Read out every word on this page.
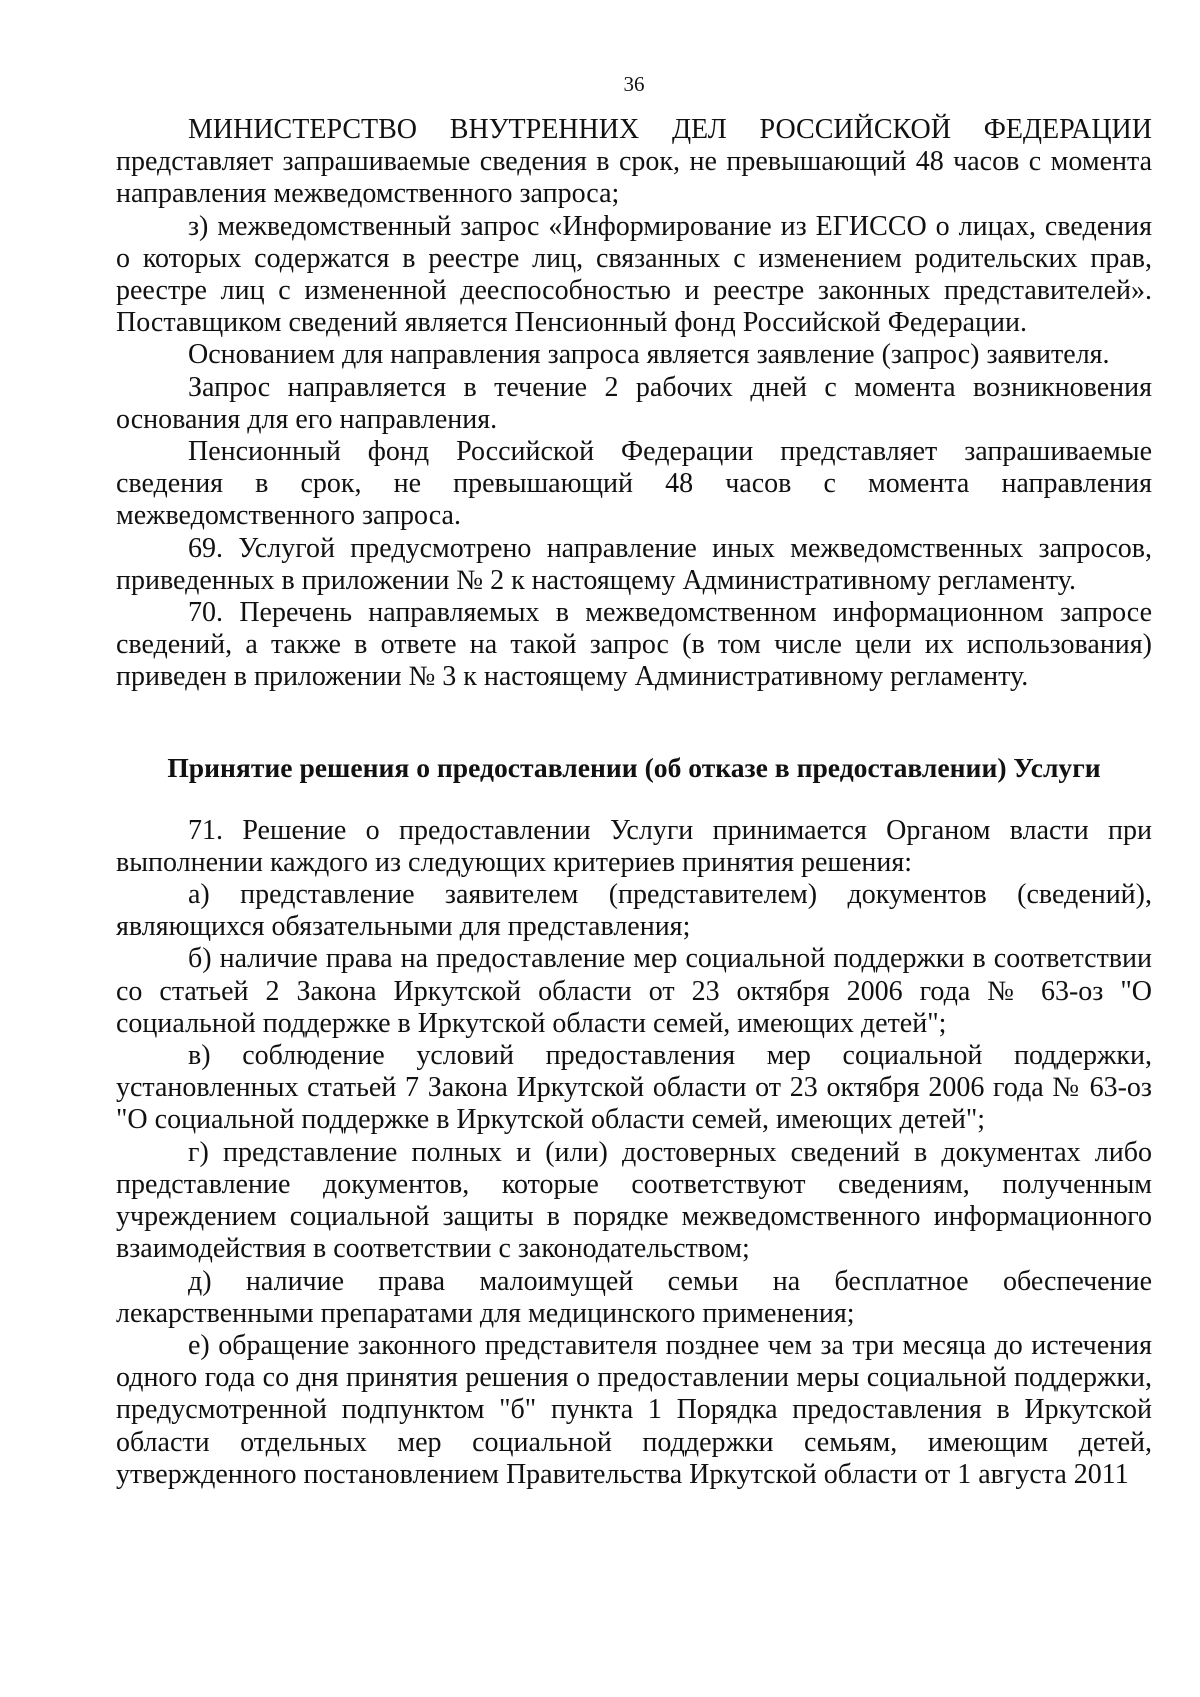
36

МИНИСТЕРСТВО ВНУТРЕННИХ ДЕЛ РОССИЙСКОЙ ФЕДЕРАЦИИ представляет запрашиваемые сведения в срок, не превышающий 48 часов с момента направления межведомственного запроса;

з) межведомственный запрос «Информирование из ЕГИССО о лицах, сведения о которых содержатся в реестре лиц, связанных с изменением родительских прав, реестре лиц с измененной дееспособностью и реестре законных представителей». Поставщиком сведений является Пенсионный фонд Российской Федерации.

Основанием для направления запроса является заявление (запрос) заявителя.

Запрос направляется в течение 2 рабочих дней с момента возникновения основания для его направления.

Пенсионный фонд Российской Федерации представляет запрашиваемые сведения в срок, не превышающий 48 часов с момента направления межведомственного запроса.

69. Услугой предусмотрено направление иных межведомственных запросов, приведенных в приложении № 2 к настоящему Административному регламенту.

70. Перечень направляемых в межведомственном информационном запросе сведений, а также в ответе на такой запрос (в том числе цели их использования) приведен в приложении № 3 к настоящему Административному регламенту.

Принятие решения о предоставлении (об отказе в предоставлении) Услуги

71. Решение о предоставлении Услуги принимается Органом власти при выполнении каждого из следующих критериев принятия решения:

а) представление заявителем (представителем) документов (сведений), являющихся обязательными для представления;

б) наличие права на предоставление мер социальной поддержки в соответствии со статьей 2 Закона Иркутской области от 23 октября 2006 года № 63-оз "О социальной поддержке в Иркутской области семей, имеющих детей";

в) соблюдение условий предоставления мер социальной поддержки, установленных статьей 7 Закона Иркутской области от 23 октября 2006 года № 63-оз "О социальной поддержке в Иркутской области семей, имеющих детей";

г) представление полных и (или) достоверных сведений в документах либо представление документов, которые соответствуют сведениям, полученным учреждением социальной защиты в порядке межведомственного информационного взаимодействия в соответствии с законодательством;

д) наличие права малоимущей семьи на бесплатное обеспечение лекарственными препаратами для медицинского применения;

е) обращение законного представителя позднее чем за три месяца до истечения одного года со дня принятия решения о предоставлении меры социальной поддержки, предусмотренной подпунктом "б" пункта 1 Порядка предоставления в Иркутской области отдельных мер социальной поддержки семьям, имеющим детей, утвержденного постановлением Правительства Иркутской области от 1 августа 2011
